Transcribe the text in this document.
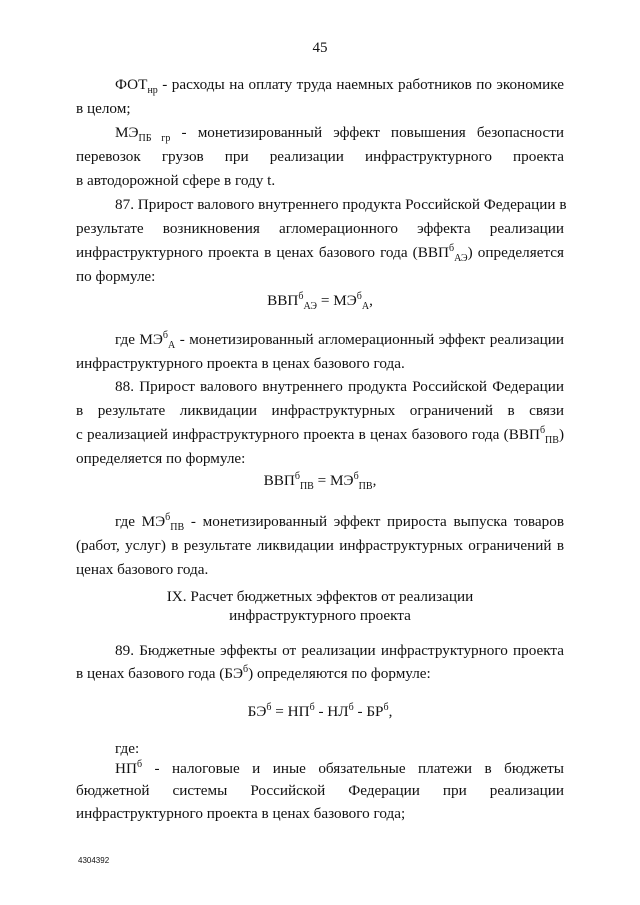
45
$ФОТ_{нр}$ - расходы на оплату труда наемных работников по экономике
в целом;
$МЭ_{ПБ гр}$ - монетизированный эффект повышения безопасности
перевозок грузов при реализации инфраструктурного проекта
в автодорожной сфере в году t.
87. Прирост валового внутреннего продукта Российской Федерации в
результате возникновения агломерационного эффекта реализации
инфраструктурного проекта в ценах базового года $(ВВП^б_{АЭ})$ определяется
по формуле:
$ВВП^б_{АЭ} = МЭ^б_А$,
где $МЭ^б_А$ - монетизированный агломерационный эффект реализации
инфраструктурного проекта в ценах базового года.
88. Прирост валового внутреннего продукта Российской Федерации
в результате ликвидации инфраструктурных ограничений в связи
с реализацией инфраструктурного проекта в ценах базового года $(ВВП^б_{ПВ})$
определяется по формуле:
$ВВП^б_{ПВ} = МЭ^б_{ПВ}$,
где $МЭ^б_{ПВ}$ - монетизированный эффект прироста выпуска товаров
(работ, услуг) в результате ликвидации инфраструктурных ограничений в
ценах базового года.
IX. Расчет бюджетных эффектов от реализации
инфраструктурного проекта
89. Бюджетные эффекты от реализации инфраструктурного проекта
в ценах базового года $(БЭ^б)$ определяются по формуле:
$БЭ^б = НП^б - НЛ^б - БР^б$,
где:
$НП^б$ - налоговые и иные обязательные платежи в бюджеты
бюджетной системы Российской Федерации при реализации
инфраструктурного проекта в ценах базового года;
4304392
